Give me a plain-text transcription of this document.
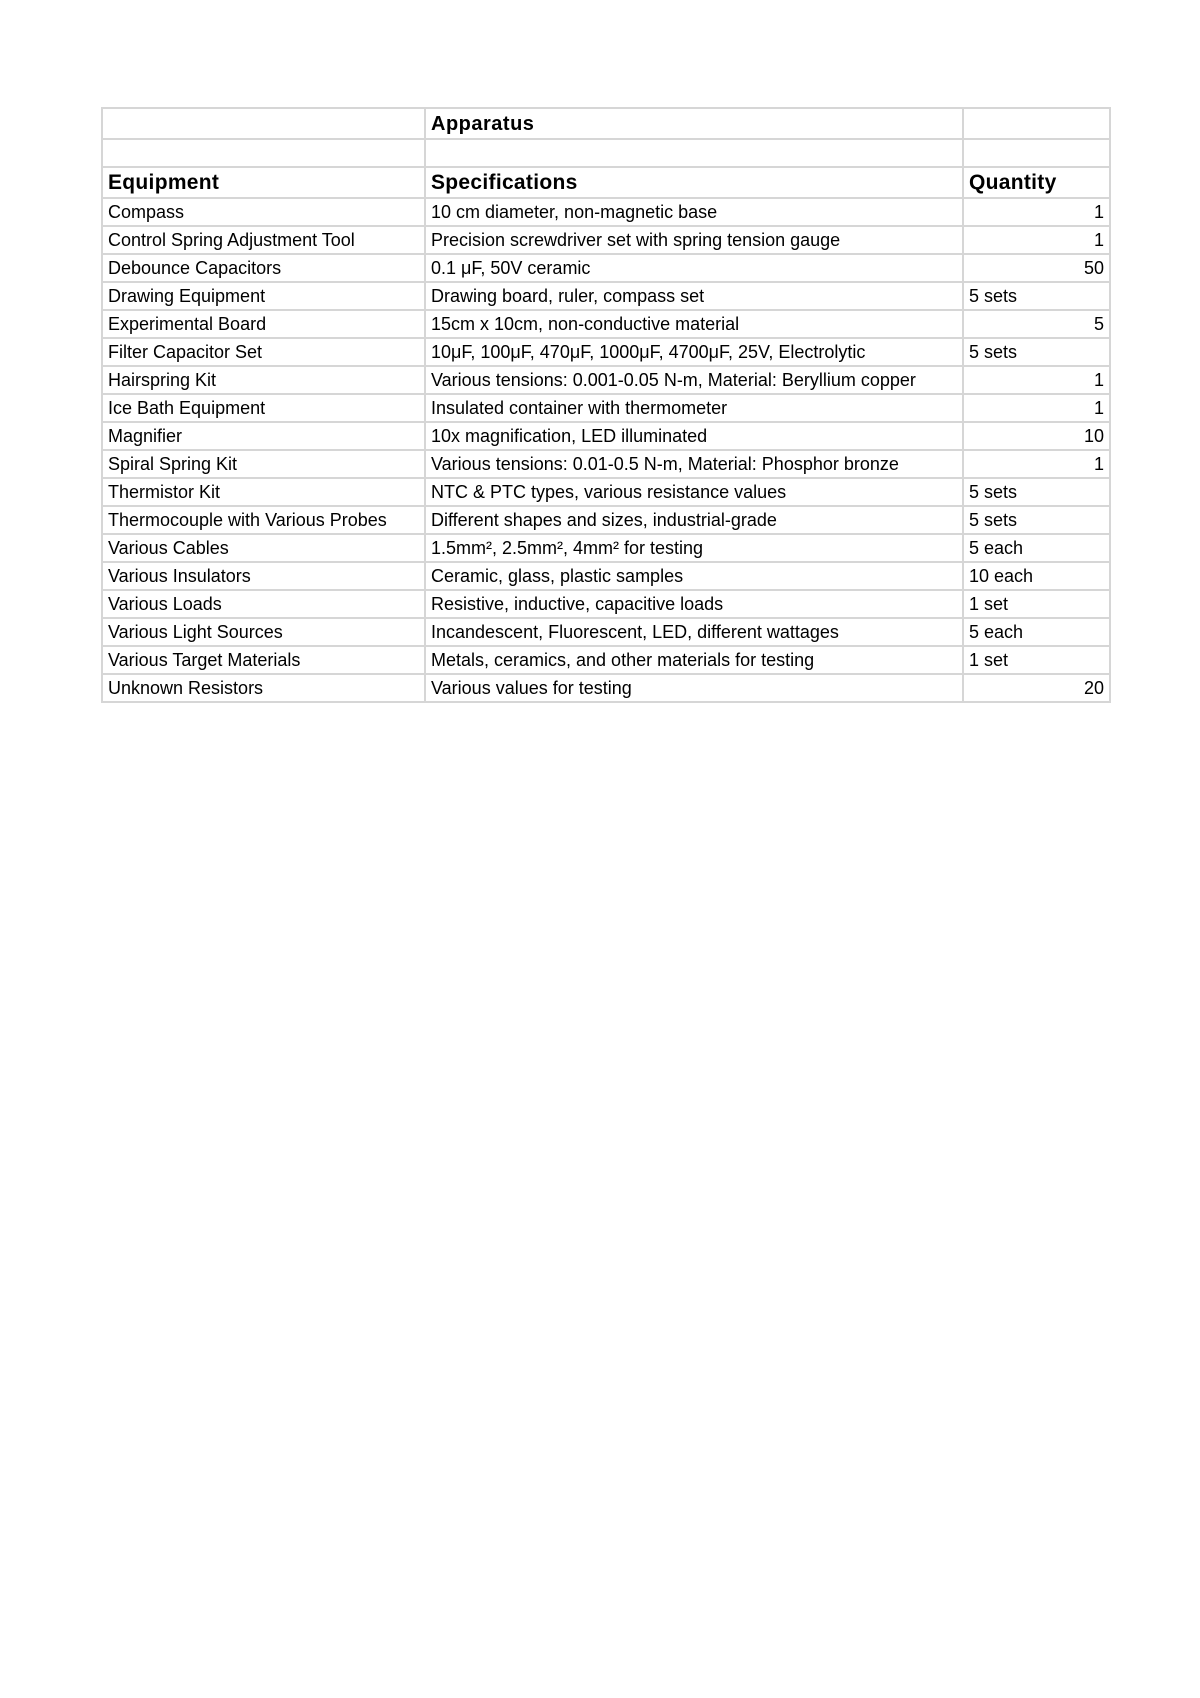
	Apparatus	

Equipment	Specifications	Quantity
Compass	10 cm diameter, non-magnetic base	1
Control Spring Adjustment Tool	Precision screwdriver set with spring tension gauge	1
Debounce Capacitors	0.1 μF, 50V ceramic	50
Drawing Equipment	Drawing board, ruler, compass set	5 sets
Experimental Board	15cm x 10cm, non-conductive material	5
Filter Capacitor Set	10μF, 100μF, 470μF, 1000μF, 4700μF, 25V, Electrolytic	5 sets
Hairspring Kit	Various tensions: 0.001-0.05 N-m, Material: Beryllium copper	1
Ice Bath Equipment	Insulated container with thermometer	1
Magnifier	10x magnification, LED illuminated	10
Spiral Spring Kit	Various tensions: 0.01-0.5 N-m, Material: Phosphor bronze	1
Thermistor Kit	NTC & PTC types, various resistance values	5 sets
Thermocouple with Various Probes	Different shapes and sizes, industrial-grade	5 sets
Various Cables	1.5mm², 2.5mm², 4mm² for testing	5 each
Various Insulators	Ceramic, glass, plastic samples	10 each
Various Loads	Resistive, inductive, capacitive loads	1 set
Various Light Sources	Incandescent, Fluorescent, LED, different wattages	5 each
Various Target Materials	Metals, ceramics, and other materials for testing	1 set
Unknown Resistors	Various values for testing	20
